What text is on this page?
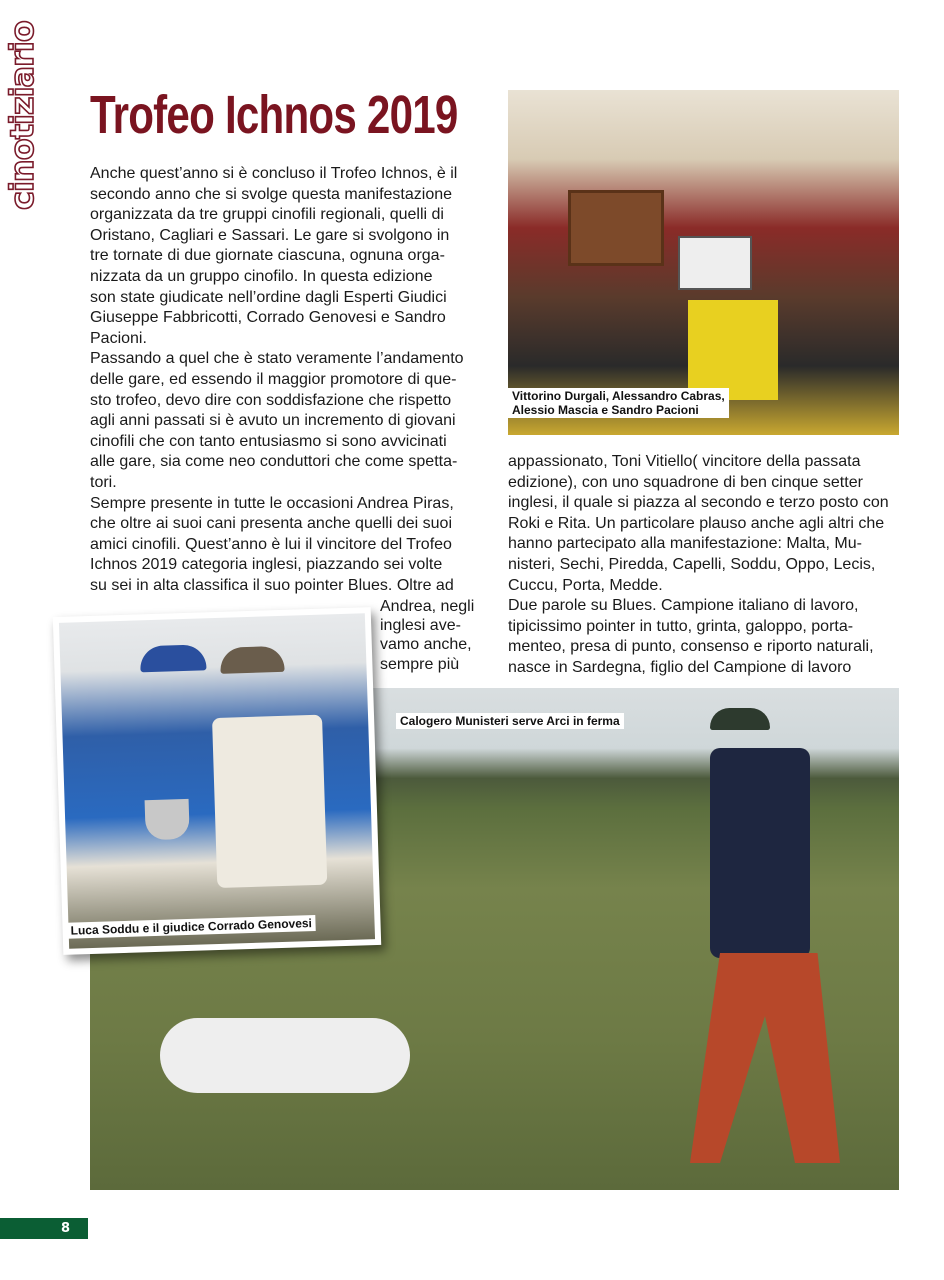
cinotiziario Trofeo Ichnos 2019
Anche quest’anno si è concluso il Trofeo Ichnos, è il
secondo anno che si svolge questa manifestazione
organizzata da tre gruppi cinofili regionali, quelli di
Oristano, Cagliari e Sassari. Le gare si svolgono in
tre tornate di due giornate ciascuna, ognuna orga-
nizzata da un gruppo cinofilo. In questa edizione
son state giudicate nell’ordine dagli Esperti Giudici
Giuseppe Fabbricotti, Corrado Genovesi e Sandro
Pacioni.
Passando a quel che è stato veramente l’andamento
delle gare, ed essendo il maggior promotore di que-
sto trofeo, devo dire con soddisfazione che rispetto
agli anni passati si è avuto un incremento di giovani
cinofili che con tanto entusiasmo si sono avvicinati
alle gare, sia come neo conduttori che come spetta-
tori.
Sempre presente in tutte le occasioni Andrea Piras,
che oltre ai suoi cani presenta anche quelli dei suoi
amici cinofili. Quest’anno è lui il vincitore del Trofeo
Ichnos 2019 categoria inglesi, piazzando sei volte
su sei in alta classifica il suo pointer Blues. Oltre ad
Andrea, negli
inglesi ave-
vamo anche,
sempre più
appassionato, Toni Vitiello( vincitore della passata
edizione), con uno squadrone di ben cinque setter
inglesi, il quale si piazza al secondo e terzo posto con
Roki e Rita. Un particolare plauso anche agli altri che
hanno partecipato alla manifestazione: Malta, Mu-
nisteri, Sechi, Piredda, Capelli, Soddu, Oppo, Lecis,
Cuccu, Porta, Medde.
Due parole su Blues. Campione italiano di lavoro,
tipicissimo pointer in tutto, grinta, galoppo, porta-
menteo, presa di punto, consenso e riporto naturali,
nasce in Sardegna, figlio del Campione di lavoro
Vittorino Durgali, Alessandro Cabras,
Alessio Mascia e Sandro Pacioni
Calogero Munisteri serve Arci in ferma
Luca Soddu e il giudice Corrado Genovesi
8
